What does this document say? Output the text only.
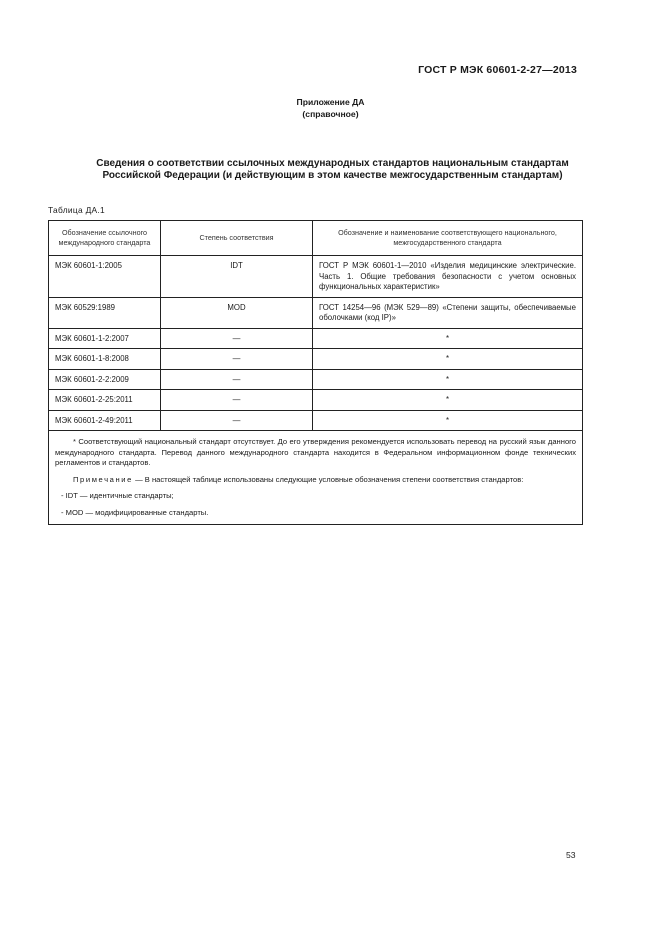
ГОСТ Р МЭК 60601-2-27—2013
Приложение ДА
(справочное)
Сведения о соответствии ссылочных международных стандартов национальным стандартам
Российской Федерации (и действующим в этом качестве межгосударственным стандартам)
Таблица ДА.1
Обозначение ссылочного международного стандарта	Степень соответствия	Обозначение и наименование соответствующего национального, межгосударственного стандарта
МЭК 60601-1:2005	IDT	ГОСТ Р МЭК 60601-1—2010 «Изделия медицинские электрические. Часть 1. Общие требования безопасности с учетом основных функциональных характеристик»
МЭК 60529:1989	MOD	ГОСТ 14254—96 (МЭК 529—89) «Степени защиты, обеспечиваемые оболочками (код IP)»
МЭК 60601-1-2:2007	—	*
МЭК 60601-1-8:2008	—	*
МЭК 60601-2-2:2009	—	*
МЭК 60601-2-25:2011	—	*
МЭК 60601-2-49:2011	—	*

* Соответствующий национальный стандарт отсутствует. До его утверждения рекомендуется использовать перевод на русский язык данного международного стандарта. Перевод данного международного стандарта находится в Федеральном информационном фонде технических регламентов и стандартов.

Примечание — В настоящей таблице использованы следующие условные обозначения степени соответствия стандартов:

- IDT — идентичные стандарты;

- MOD — модифицированные стандарты.		

53
